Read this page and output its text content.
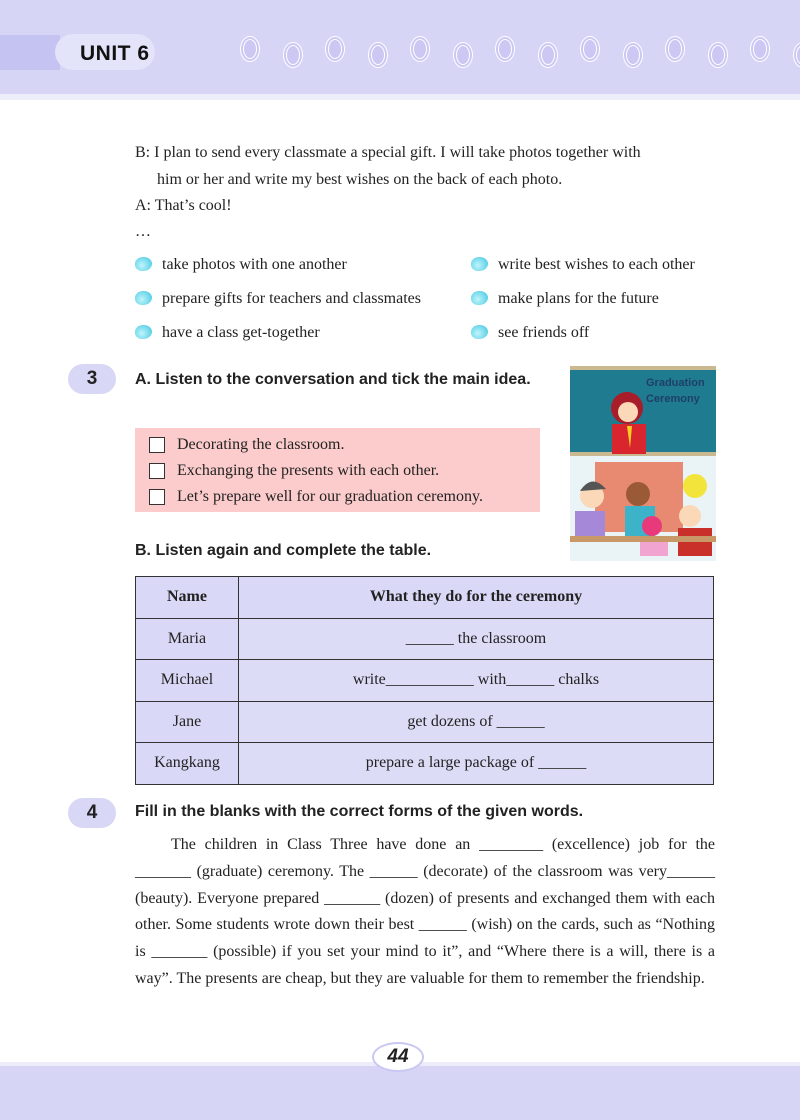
UNIT 6
B: I plan to send every classmate a special gift. I will take photos together with
him or her and write my best wishes on the back of each photo.
A: That’s cool!
…
take photos with one another	write best wishes to each other
prepare gifts for teachers and classmates	make plans for the future
have a class get-together	see friends off
3	A. Listen to the conversation and tick the main idea.
Decorating the classroom.
Exchanging the presents with each other.
Let’s prepare well for our graduation ceremony.
Graduation
Ceremony
B. Listen again and complete the table.
Name	What they do for the ceremony
Maria	______ the classroom
Michael	write___________ with______ chalks
Jane	get dozens of ______
Kangkang	prepare a large package of ______
4	Fill in the blanks with the correct forms of the given words.
The children in Class Three have done an ________ (excellence) job for the _______ (graduate) ceremony. The ______ (decorate) of the classroom was very______ (beauty). Everyone prepared _______ (dozen) of presents and exchanged them with each other. Some students wrote down their best ______ (wish) on the cards, such as “Nothing is _______ (possible) if you set your mind to it”, and “Where there is a will, there is a way”. The presents are cheap, but they are valuable for them to remember the friendship.
44
